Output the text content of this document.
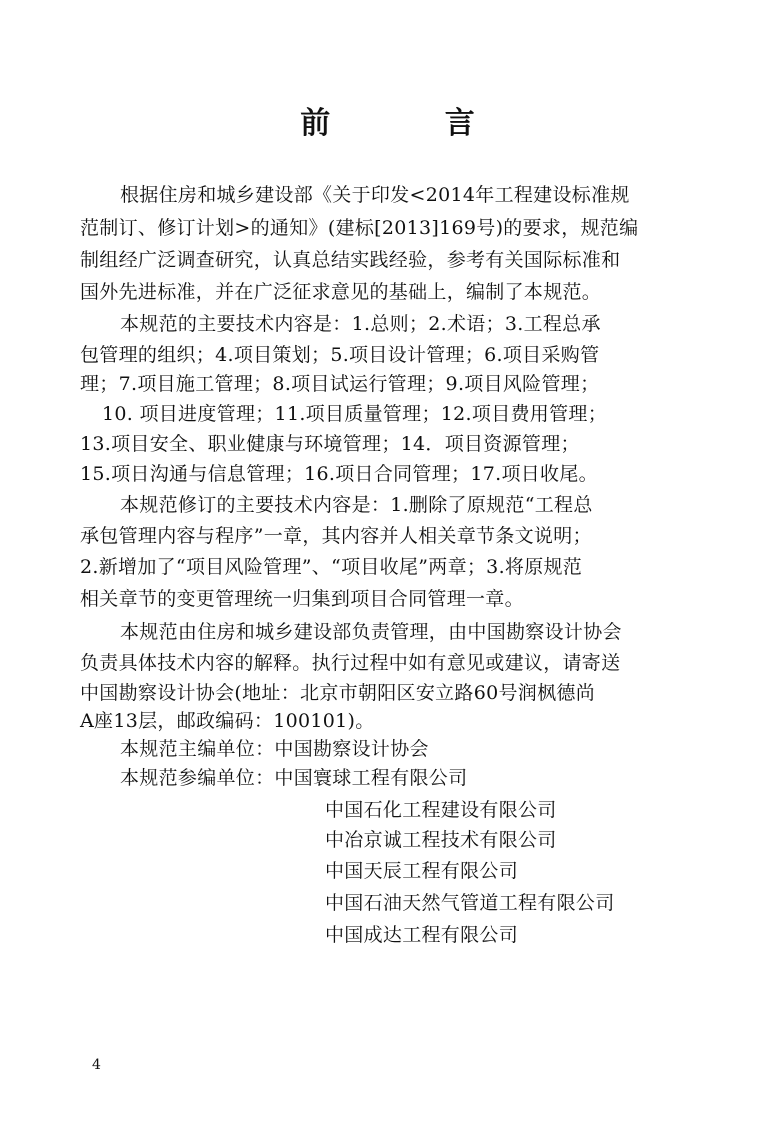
前 言
根据住房和城乡建设部《关于印发<2014年工程建设标准规
范制订、修订计划>的通知》(建标[2013]169号)的要求，规范编
制组经广泛调查研究，认真总结实践经验，参考有关国际标准和
国外先进标准，并在广泛征求意见的基础上，编制了本规范。
本规范的主要技术内容是：1.总则；2.术语；3.工程总承
包管理的组织；4.项目策划；5.项目设计管理；6.项目采购管
理；7.项目施工管理；8.项目试运行管理；9.项目风险管理；
10. 项目进度管理；11.项目质量管理；12.项目费用管理；
13.项目安全、职业健康与环境管理；14．项目资源管理；
15.项日沟通与信息管理；16.项日合同管理；17.项日收尾。
本规范修订的主要技术内容是：1.删除了原规范“工程总
承包管理内容与程序”一章，其内容并人相关章节条文说明；
2.新增加了“项目风险管理”、“项目收尾”两章；3.将原规范
相关章节的变更管理统一归集到项目合同管理一章。
本规范由住房和城乡建设部负责管理，由中国勘察设计协会
负责具体技术内容的解释。执行过程中如有意见或建议，请寄送
中国勘察设计协会(地址：北京市朝阳区安立路60号润枫德尚
A座13层，邮政编码：100101)。
本规范主编单位：中国勘察设计协会
本规范参编单位：中国寰球工程有限公司
中国石化工程建设有限公司
中冶京诚工程技术有限公司
中国天辰工程有限公司
中国石油天然气管道工程有限公司
中国成达工程有限公司
4
